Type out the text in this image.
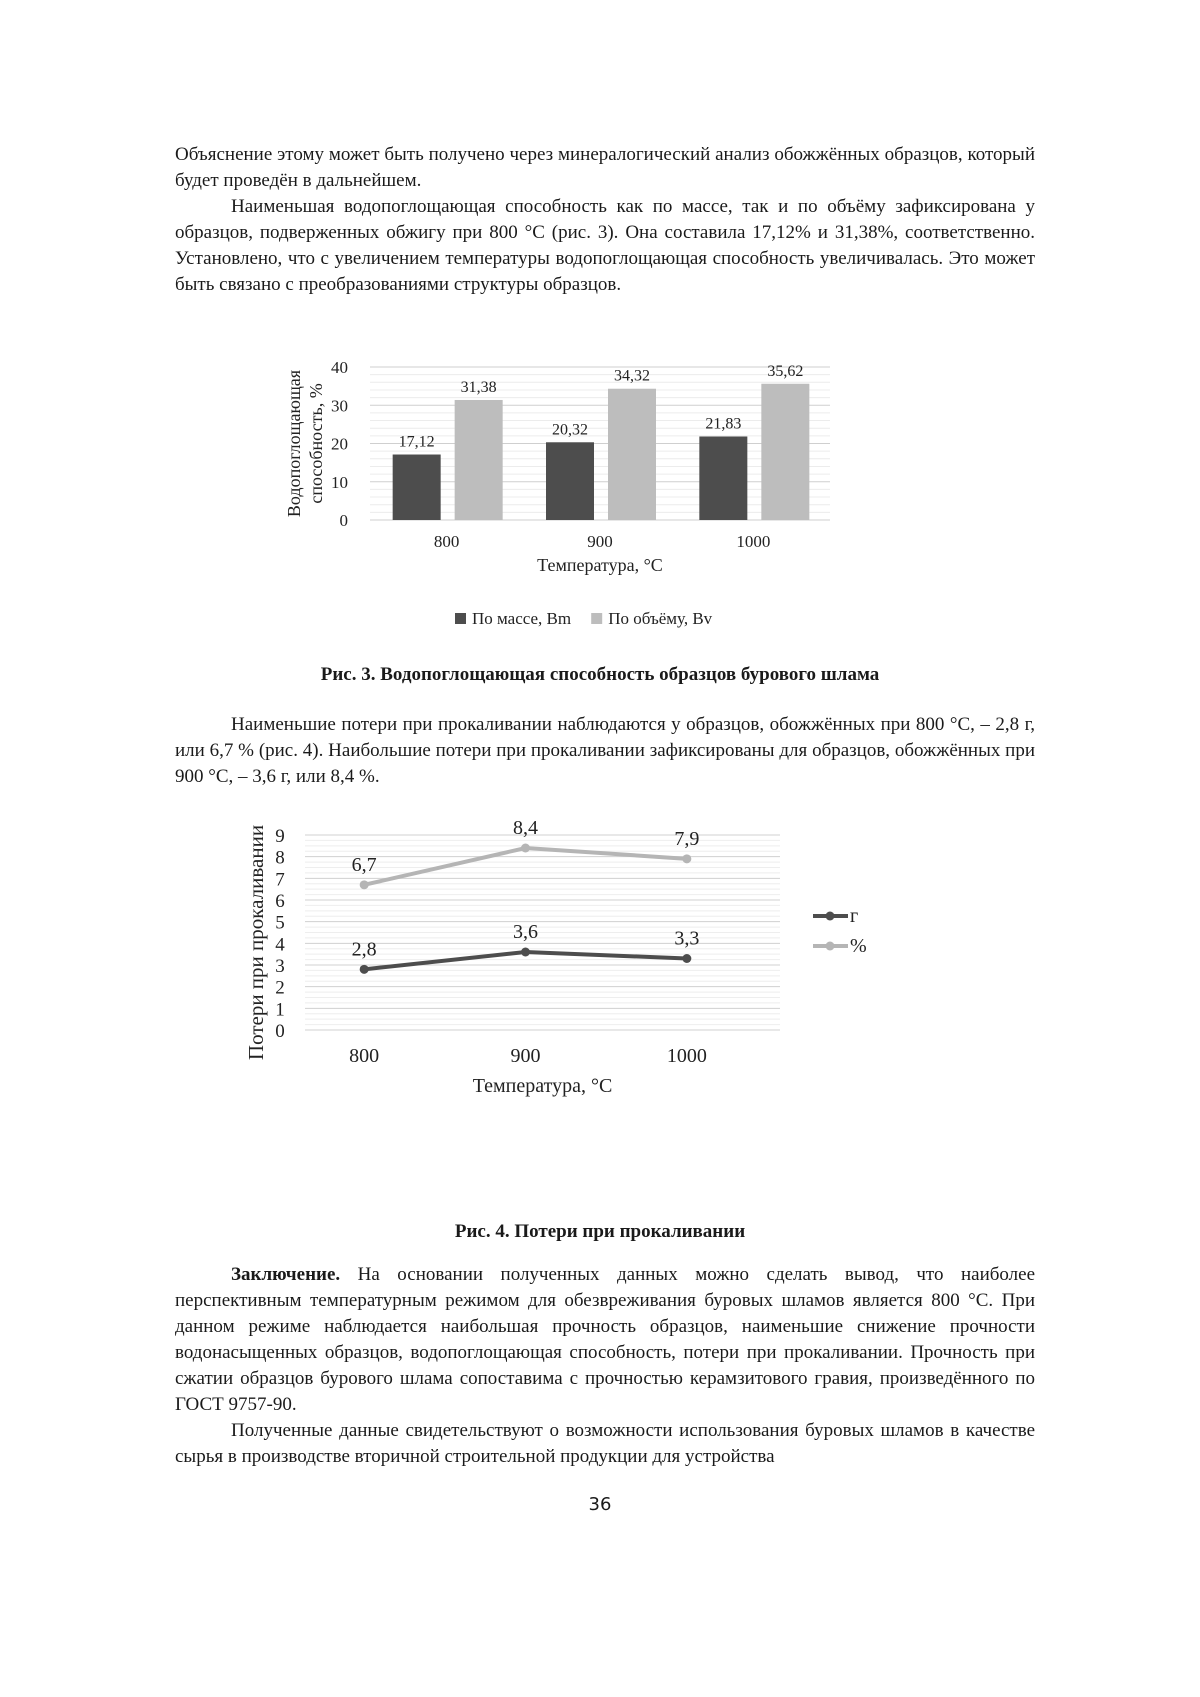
Объяснение этому может быть получено через минералогический анализ обожжённых образцов, который будет проведён в дальнейшем.

Наименьшая водопоглощающая способность как по массе, так и по объёму зафиксирована у образцов, подверженных обжигу при 800 °С (рис. 3). Она составила 17,12% и 31,38%, соответственно. Установлено, что с увеличением температуры водопоглощающая способность увеличивалась. Это может быть связано с преобразованиями структуры образцов.

0
10
20
30
40
17,12
31,38
800
20,32
34,32
900
21,83
35,62
1000
Температура, °С
Водопоглощающая способность, %
По массе, Вm По объёму, Вv
Рис. 3. Водопоглощающая способность образцов бурового шлама

Наименьшие потери при прокаливании наблюдаются у образцов, обожжённых при 800 °С, – 2,8 г, или 6,7 % (рис. 4). Наибольшие потери при прокаливании зафиксированы для образцов, обожжённых при 900 °С, – 3,6 г, или 8,4 %.

0
1
2
3
4
5
6
7
8
9
800	900	1000
2,8
3,6	3,3
6,7
8,4	7,9
Температура, °С
Потери при прокаливании	г
%
Рис. 4. Потери при прокаливании

Заключение. На основании полученных данных можно сделать вывод, что наиболее перспективным температурным режимом для обезвреживания буровых шламов является 800 °С. При данном режиме наблюдается наибольшая прочность образцов, наименьшие снижение прочности водонасыщенных образцов, водопоглощающая способность, потери при прокаливании. Прочность при сжатии образцов бурового шлама сопоставима с прочностью керамзитового гравия, произведённого по ГОСТ 9757-90.

Полученные данные свидетельствуют о возможности использования буровых шламов в качестве сырья в производстве вторичной строительной продукции для устройства

36
